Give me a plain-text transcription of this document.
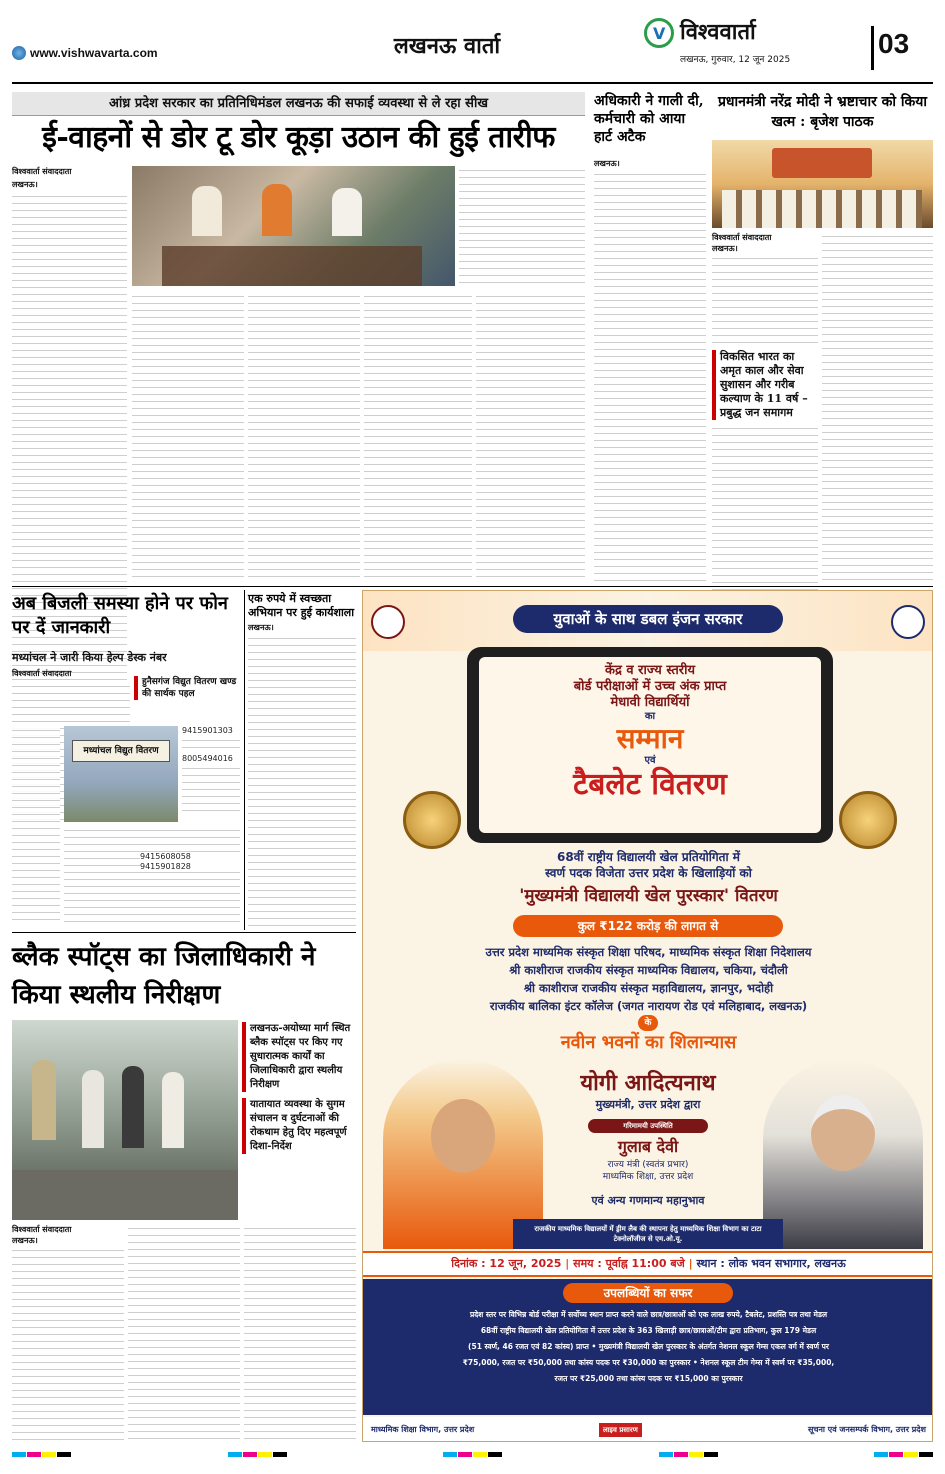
www.vishwavarta.com	लखनऊ वार्ता	V विश्ववार्ता
लखनऊ, गुरुवार, 12 जून 2025
03
आंध्र प्रदेश सरकार का प्रतिनिधिमंडल लखनऊ की सफाई व्यवस्था से ले रहा सीख
ई-वाहनों से डोर टू डोर कूड़ा उठान की हुई तारीफ
विश्ववार्ता संवाददाता
लखनऊ।
अधिकारी ने गाली दी, कर्मचारी को आया हार्ट अटैक
लखनऊ।
प्रधानमंत्री नरेंद्र मोदी ने भ्रष्टाचार को किया खत्म : बृजेश पाठक
विश्ववार्ता संवाददाता
लखनऊ।
विकसित भारत का अमृत काल और सेवा सुशासन और गरीब कल्याण के 11 वर्ष – प्रबुद्ध जन समागम
अब बिजली समस्या होने पर फोन पर दें जानकारी
मध्यांचल ने जारी किया हेल्प डेस्क नंबर
विश्ववार्ता संवाददाता
हुनैसगंज विद्युत वितरण खण्ड की सार्थक पहल
मध्यांचल विद्युत वितरण
9415901303
8005494016
9415608058
9415901828
एक रुपये में स्वच्छता अभियान पर हुई कार्यशाला
लखनऊ।
ब्लैक स्पॉट्स का जिलाधिकारी ने किया स्थलीय निरीक्षण
लखनऊ-अयोध्या मार्ग स्थित ब्लैक स्पॉट्स पर किए गए सुधारात्मक कार्यों का जिलाधिकारी द्वारा स्थलीय निरीक्षण
यातायात व्यवस्था के सुगम संचालन व दुर्घटनाओं की रोकथाम हेतु दिए महत्वपूर्ण दिशा-निर्देश
विश्ववार्ता संवाददाता
लखनऊ।
युवाओं के साथ डबल इंजन सरकार
केंद्र व राज्य स्तरीय
बोर्ड परीक्षाओं में उच्च अंक प्राप्त
मेधावी विद्यार्थियों
का
सम्मान
एवं
टैबलेट वितरण
68वीं राष्ट्रीय विद्यालयी खेल प्रतियोगिता में
स्वर्ण पदक विजेता उत्तर प्रदेश के खिलाड़ियों को
'मुख्यमंत्री विद्यालयी खेल पुरस्कार' वितरण
कुल ₹122 करोड़ की लागत से
उत्तर प्रदेश माध्यमिक संस्कृत शिक्षा परिषद, माध्यमिक संस्कृत शिक्षा निदेशालय
श्री काशीराज राजकीय संस्कृत माध्यमिक विद्यालय, चकिया, चंदौली
श्री काशीराज राजकीय संस्कृत महाविद्यालय, ज्ञानपुर, भदोही
राजकीय बालिका इंटर कॉलेज (जगत नारायण रोड एवं मलिहाबाद, लखनऊ)
के
नवीन भवनों का शिलान्यास
योगी आदित्यनाथ
मुख्यमंत्री, उत्तर प्रदेश द्वारा
गरिमामयी उपस्थिति
गुलाब देवी
राज्य मंत्री (स्वतंत्र प्रभार)
माध्यमिक शिक्षा, उत्तर प्रदेश
एवं अन्य गणमान्य महानुभाव
राजकीय माध्यमिक विद्यालयों में ड्रीम लैब की स्थापना हेतु माध्यमिक शिक्षा विभाग का टाटा टेक्नोलॉजीज से एम.ओ.यू.
दिनांक : 12 जून, 2025 | समय : पूर्वाह्न 11:00 बजे | स्थान : लोक भवन सभागार, लखनऊ
उपलब्धियों का सफर
प्रदेश स्तर पर विभिन्न बोर्ड परीक्षा में सर्वोच्च स्थान प्राप्त करने वाले छात्र/छात्राओं को एक लाख रुपये, टैबलेट, प्रशस्ति पत्र तथा मेडल
68वीं राष्ट्रीय विद्यालयी खेल प्रतियोगिता में उत्तर प्रदेश के 363 खिलाड़ी छात्र/छात्राओं/टीम द्वारा प्रतिभाग, कुल 179 मेडल
(51 स्वर्ण, 46 रजत एवं 82 कांस्य) प्राप्त • मुख्यमंत्री विद्यालयी खेल पुरस्कार के अंतर्गत नेशनल स्कूल गेम्स एकल वर्ग में स्वर्ण पर
₹75,000, रजत पर ₹50,000 तथा कांस्य पदक पर ₹30,000 का पुरस्कार • नेशनल स्कूल टीम गेम्स में स्वर्ण पर ₹35,000,
रजत पर ₹25,000 तथा कांस्य पदक पर ₹15,000 का पुरस्कार
माध्यमिक शिक्षा विभाग, उत्तर प्रदेश	लाइव प्रसारण	सूचना एवं जनसम्पर्क विभाग, उत्तर प्रदेश
